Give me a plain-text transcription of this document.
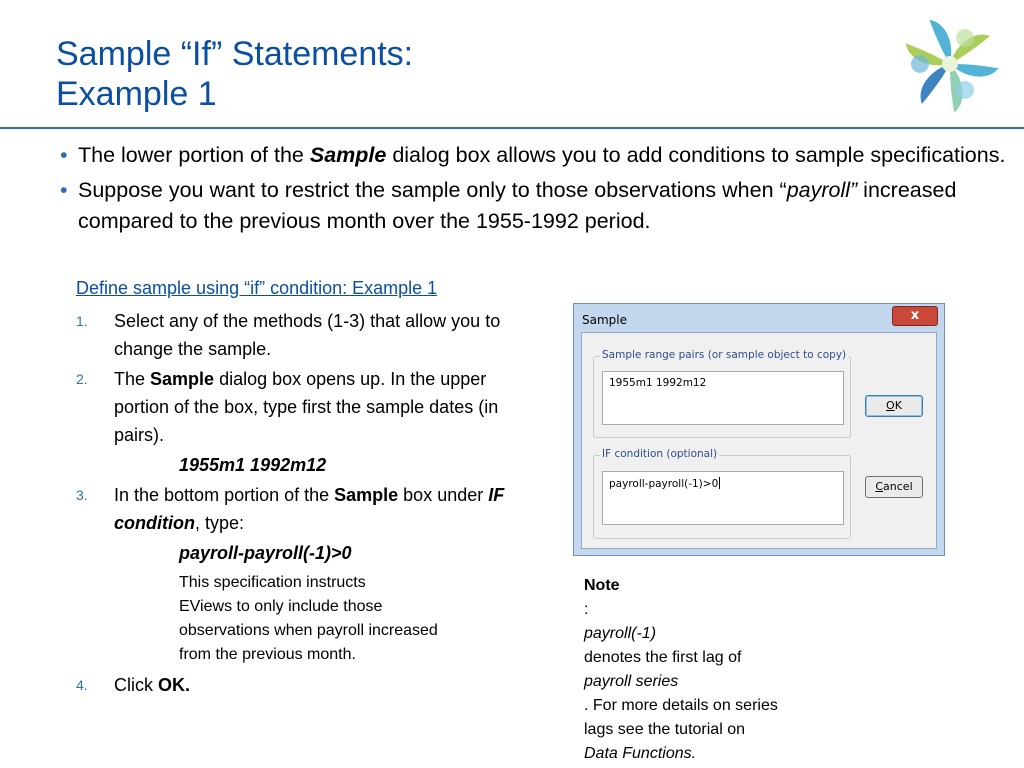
Sample “If” Statements:
Example 1
• The lower portion of the Sample dialog box allows you to add conditions to sample specifications.
• Suppose you want to restrict the sample only to those observations when “payroll” increased compared to the previous month over the 1955-1992 period.
Define sample using “if” condition: Example 1
1. Select any of the methods (1-3) that allow you to change the sample.
2. The Sample dialog box opens up. In the upper portion of the box, type first the sample dates (in pairs).
1955m1 1992m12
3. In the bottom portion of the Sample box under IF condition, type:
payroll-payroll(-1)>0
This specification instructs
EViews to only include those
observations when payroll increased
from the previous month.
4. Click OK.
Sample	x
Sample range pairs (or sample object to copy)
1955m1 1992m12
IF condition (optional)
payroll-payroll(-1)>0
OK
Cancel
Note
:
payroll(-1)
denotes the first lag of
payroll series
. For more details on series
lags see the tutorial on
Data Functions.
